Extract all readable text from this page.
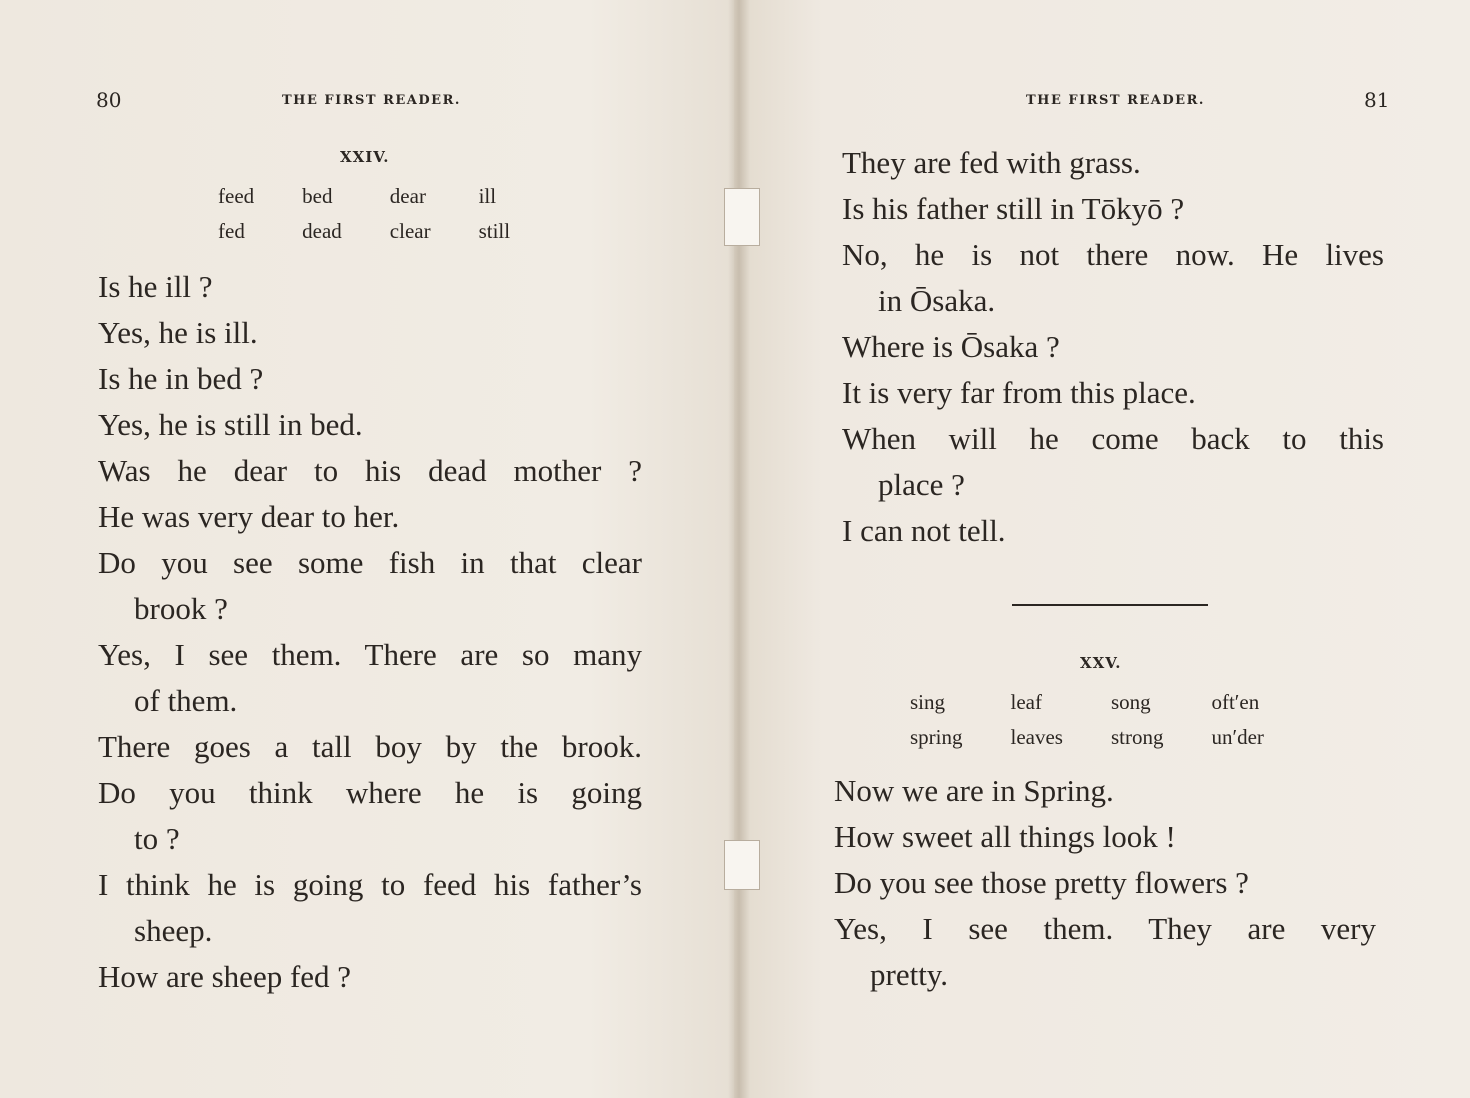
80	THE FIRST READER.
XXIV.
feed bed	dear	ill
fed	dead clear still
Is he ill ?
Yes, he is ill.
Is he in bed ?
Yes, he is still in bed.
Was he dear to his dead mother ?
He was very dear to her.
Do you see some fish in that clear
brook ?
Yes, I see them. There are so many
of them.
There goes a tall boy by the brook.
Do you think where he is going
to ?
I think he is going to feed his father’s
sheep.
How are sheep fed ?
THE FIRST READER.	81
They are fed with grass.
Is his father still in Tōkyō ?
No, he is not there now. He lives
in Ōsaka.
Where is Ōsaka ?
It is very far from this place.
When will he come back to this
place ?
I can not tell.
XXV.
sing	leaf	song	oft′en
spring leaves strong un′der
Now we are in Spring.
How sweet all things look !
Do you see those pretty flowers ?
Yes, I see them. They are very
pretty.
